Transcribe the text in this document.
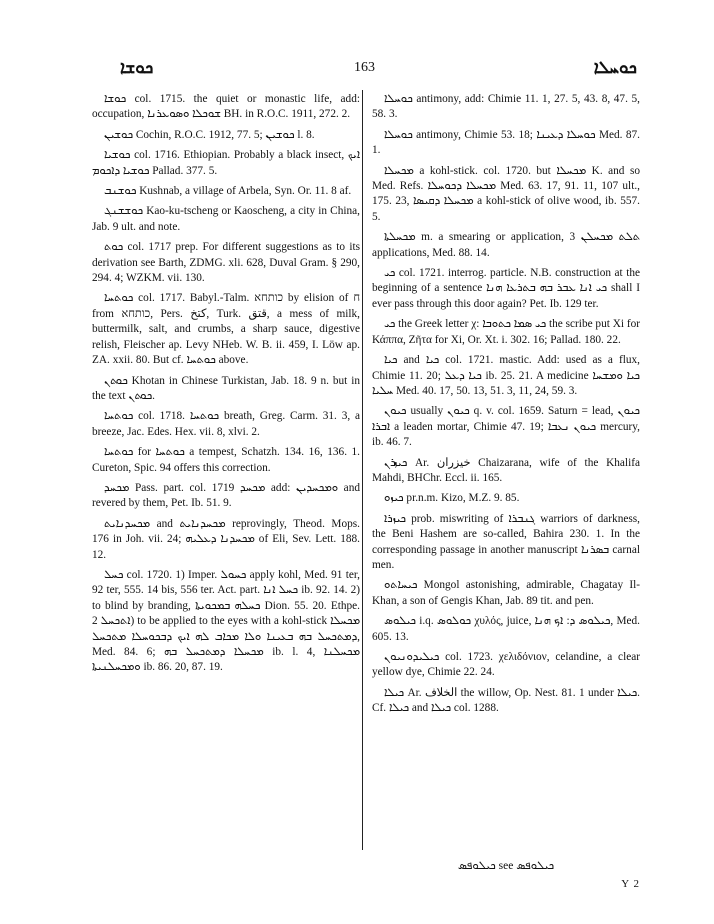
ܟܘܫܐ	163	ܟܘܚܠܐ

ܟܘܫܐ col. 1715. the quiet or monastic life, add: occupation, ܫܘܟܠܐ ܘܣܘܥܪܢܐ BH. in R.O.C. 1911, 272. 2.

ܟܘܫܝܢ Cochin, R.O.C. 1912, 77. 5; ܟܘܫܝܢ l. 8.

ܟܘܫܝܐ col. 1716. Ethiopian. Probably a black insect, ܐܝܟ ܟܘܫܝܐ ܕܐܟܘܡ Pallad. 377. 5.

ܟܘܫܢܒ Kushnab, a village of Arbela, Syn. Or. 11. 8 af.

ܟܘܫܫܢܓ Kao-ku-tscheng or Kaoscheng, a city in China, Jab. 9 ult. and note.

ܟܘܬ col. 1717 prep. For different suggestions as to its derivation see Barth, ZDMG. xli. 628, Duval Gram. § 290, 294. 4; WZKM. vii. 130.

ܟܘܬܚܐ col. 1717. Babyl.-Talm. כותחא by elision of ח from כותחא, Pers. کتخ, Turk. قتق, a mess of milk, buttermilk, salt, and crumbs, a sharp sauce, digestive relish, Fleischer ap. Levy NHeb. W. B. ii. 459, I. Löw ap. ZA. xxii. 80. But cf. ܟܘܬܚܐ above.

ܟܘܬܢ Khotan in Chinese Turkistan, Jab. 18. 9 n. but in the text ܟܘܬܢ.

ܟܘܬܚܐ col. 1718. ܟܘܬܚܐ breath, Greg. Carm. 31. 3, a breeze, Jac. Edes. Hex. vii. 8, xlvi. 2.

ܟܘܬܚܐ for ܟܘܬܚܐ a tempest, Schatzh. 134. 16, 136. 1. Cureton, Spic. 94 offers this correction.

ܡܟܚܕ Pass. part. col. 1719 ܡܟܚܕ add: ܘܡܟܚܕܝܢ and revered by them, Pet. Ib. 51. 9.

ܡܟܚܕܢܐܝܬ and ܡܟܚܕܢܐܝܬ reprovingly, Theod. Mops. 176 in Joh. vii. 24; ܡܟܚܕܢܐ ܕܥܠܝܗ of Eli, Sev. Lett. 188. 12.

ܟܚܠ col. 1720. 1) Imper. ܟܚܘܠ apply kohl, Med. 91 ter, 92 ter, 555. 14 bis, 556 ter. Act. part. ܟܚܠ ܐܢܐ ib. 92. 14. 2) to blind by branding, ܟܚܠܗ ܒܡܟܘܝܬܐ Dion. 55. 20. Ethpe. ܐܬܟܚܠ 2) to be applied to the eyes with a kohl-stick ܡܟܚܠܐ ܕܡܬܟܚܠ ܒܗ ܒܥܝܢܐ ܘܠܐ ܡܟܐܒ ܠܗ ܐܝܟ ܕܒܟܘܚܠܐ ܡܬܟܚܠ, Med. 84. 6; ܡܟܚܠܐ ܕܡܬܟܚܠ ܒܗ ib. l. 4, ܡܟܚܠܢܐ ܘܡܟܚܠܢܝܬܐ ib. 86. 20, 87. 19.

ܟܘܚܠܐ antimony, add: Chimie 11. 1, 27. 5, 43. 8, 47. 5, 58. 3.

ܟܘܚܠܐ antimony, Chimie 53. 18; ܟܘܚܠܐ ܕܥܝܢܐ Med. 87. 1.

ܡܟܚܠܐ a kohl-stick. col. 1720. but ܡܟܚܠܐ K. and so Med. Refs. ܡܟܚܠܐ ܕܟܘܚܠܐ Med. 63. 17, 91. 11, 107 ult., 175. 23, ܡܟܚܠܐ ܕܩܝܣܐ a kohl-stick of olive wood, ib. 557. 5.

ܡܟܚܠܬܐ m. a smearing or application, ܬܠܬ ܡܟܚܠܢ 3 applications, Med. 88. 14.

ܟܝ col. 1721. interrog. particle. N.B. construction at the beginning of a sentence ܟܝ ܐܢܐ ܥܒܪ ܒܗ ܒܬܪܥܐ ܗܢܐ shall I ever pass through this door again? Pet. Ib. 129 ter.

ܟܝ the Greek letter χ: ܟܝ ܣܡܐ ܟܬܘܒܐ the scribe put Xi for Κάππα, Ζῆτα for Xi, Or. Xt. i. 302. 16; Pallad. 180. 22.

ܟܝܐ and ܟܝܐ col. 1721. mastic. Add: used as a flux, Chimie 11. 20; ܟܝܐ ܕܥܠ ib. 25. 21. A medicine ܟܝܐ ܘܡܫܚܐ ܚܠܝܐ Med. 40. 17, 50. 13, 51. 3, 11, 24, 59. 3.

ܟܝܘܢ usually ܟܝܘܢ q. v. col. 1659. Saturn = lead, ܟܝܘܢ ܐܒܪܐ a leaden mortar, Chimie 47. 19; ܟܝܘܢ ܢܥܒܐ mercury, ib. 46. 7.

ܟܝܙܪܢ Ar. خيزران Chaizarana, wife of the Khalifa Mahdi, BHChr. Eccl. ii. 165.

ܟܝܙܘ pr.n.m. Kizo, M.Z. 9. 85.

ܟܝܙܪܐ prob. miswriting of ܓܢܒܪܐ warriors of darkness, the Beni Hashem are so-called, Bahira 230. 1. In the corresponding passage in another manuscript ܒܣܪܢܐ carnal men.

ܟܝܚܐܬܘ Mongol astonishing, admirable, Chagatay Il-Khan, a son of Gengis Khan, Jab. 89 tit. and pen.

ܟܝܠܘܣ i.q. ܟܘܠܘܣ χυλός, juice, ܟܝܠܘܣ ܕ: ܐܟ ܗܢܐ, Med. 605. 13.

ܟܝܠܝܕܘܢܝܘܢ col. 1723. χελιδόνιον, celandine, a clear yellow dye, Chimie 22. 24.

ܟܝܠܐ Ar. الخلاف the willow, Op. Nest. 81. 1 under ܟܝܠܐ. Cf. ܟܝܠܐ and ܟܝܠܐ col. 1288.

ܟܝܠܘܦܣ see ܟܝܠܘܦܣ
Y 2
